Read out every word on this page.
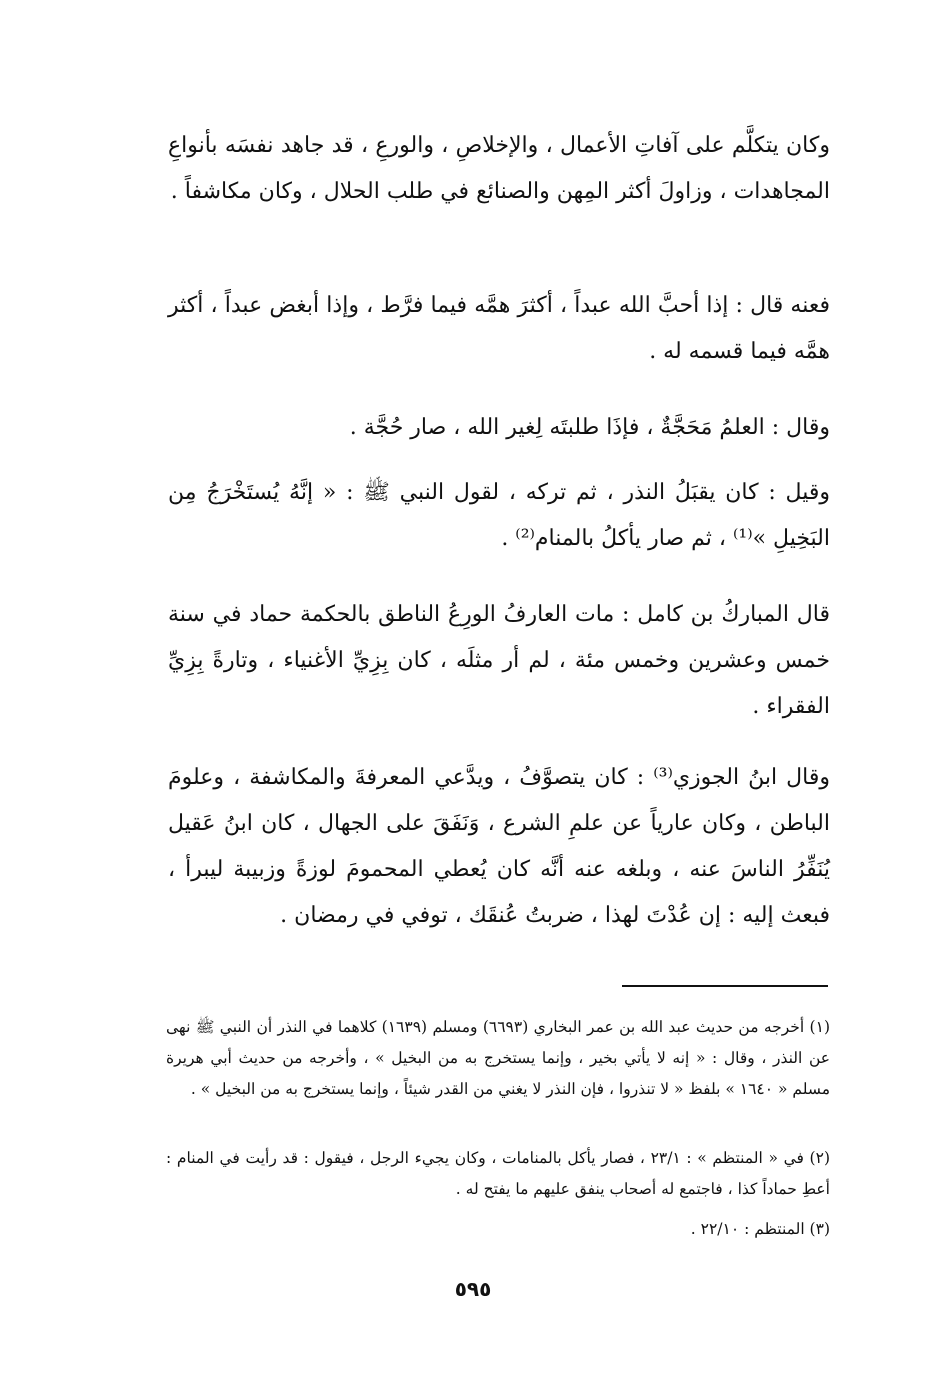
وكان يتكلَّم على آفاتِ الأعمال ، والإخلاصِ ، والورعِ ، قد جاهد نفسَه بأنواعِ المجاهدات ، وزاولَ أكثر المِهن والصنائع في طلب الحلال ، وكان مكاشفاً .

فعنه قال : إذا أحبَّ الله عبداً ، أكثرَ همَّه فيما فرَّط ، وإذا أبغض عبداً ، أكثر همَّه فيما قسمه له .

وقال : العلمُ مَحَجَّةٌ ، فإذَا طلبتَه لِغير الله ، صار حُجَّة .

وقيل : كان يقبَلُ النذر ، ثم تركه ، لقول النبي ﷺ : « إنَّهُ يُستَخْرَجُ مِن البَخِيلِ »⁽¹⁾ ، ثم صار يأكلُ بالمنام⁽²⁾ .

قال المباركُ بن كامل : مات العارفُ الورِعُ الناطق بالحكمة حماد في سنة خمس وعشرين وخمس مئة ، لم أر مثلَه ، كان بِزِيِّ الأغنياء ، وتارةً بِزِيِّ الفقراء .

وقال ابنُ الجوزي⁽³⁾ : كان يتصوَّفُ ، ويدَّعي المعرفةَ والمكاشفة ، وعلومَ الباطن ، وكان عارياً عن علمِ الشرع ، وَنَفَقَ على الجهال ، كان ابنُ عَقيل يُنَفِّرُ الناسَ عنه ، وبلغه عنه أنَّه كان يُعطي المحمومَ لوزةً وزبيبة ليبرأ ، فبعث إليه : إن عُدْتَ لهذا ، ضربتُ عُنقَك ، توفي في رمضان .

(١) أخرجه من حديث عبد الله بن عمر البخاري (٦٦٩٣) ومسلم (١٦٣٩) كلاهما في النذر أن النبي ﷺ نهى عن النذر ، وقال : « إنه لا يأتي بخير ، وإنما يستخرج به من البخيل » ، وأخرجه من حديث أبي هريرة مسلم « ١٦٤٠ » بلفظ « لا تنذروا ، فإن النذر لا يغني من القدر شيئاً ، وإنما يستخرج به من البخيل » .

(٢) في « المنتظم » : ٢٣/١ ، فصار يأكل بالمنامات ، وكان يجيء الرجل ، فيقول : قد رأيت في المنام : أعطِ حماداً كذا ، فاجتمع له أصحاب ينفق عليهم ما يفتح له .

(٣) المنتظم : ٢٢/١٠ .

٥٩٥
